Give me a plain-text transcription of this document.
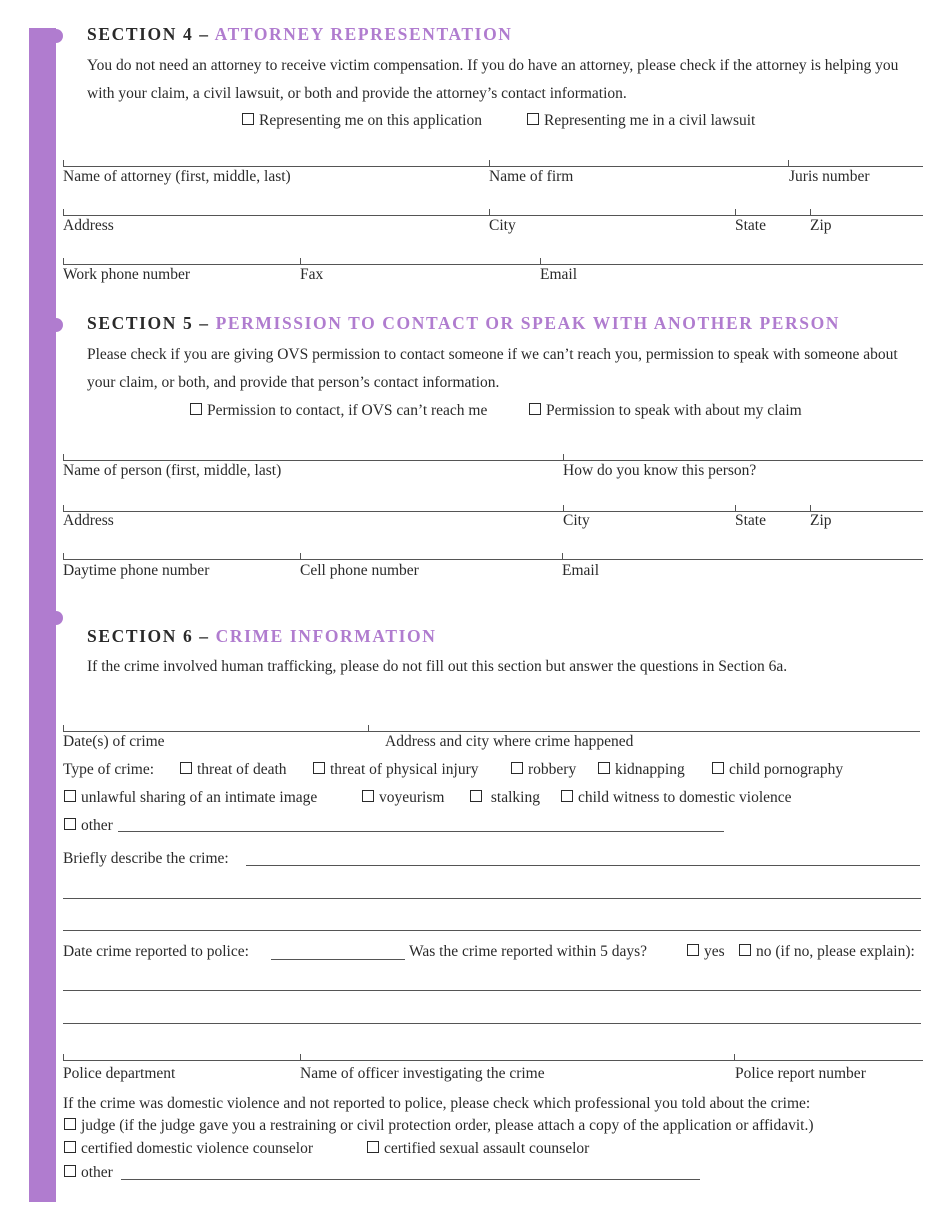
SECTION 4 – ATTORNEY REPRESENTATION
You do not need an attorney to receive victim compensation. If you do have an attorney, please check if the attorney is helping you with your claim, a civil lawsuit, or both and provide the attorney’s contact information.
Representing me on this application	Representing me in a civil lawsuit
Name of attorney (first, middle, last)	Name of firm	Juris number
Address	City	State	Zip
Work phone number	Fax	Email
SECTION 5 – PERMISSION TO CONTACT OR SPEAK WITH ANOTHER PERSON
Please check if you are giving OVS permission to contact someone if we can’t reach you, permission to speak with someone about your claim, or both, and provide that person’s contact information.
Permission to contact, if OVS can’t reach me	Permission to speak with about my claim
Name of person (first, middle, last)	How do you know this person?
Address	City	State	Zip
Daytime phone number	Cell phone number	Email
SECTION 6 – CRIME INFORMATION
If the crime involved human trafficking, please do not fill out this section but answer the questions in Section 6a.
Date(s) of crime	Address and city where crime happened
Type of crime:	threat of death	threat of physical injury	robbery	kidnapping	child pornography
unlawful sharing of an intimate image	voyeurism	stalking	child witness to domestic violence
other
Briefly describe the crime:
Date crime reported to police:	Was the crime reported within 5 days?	yes	no (if no, please explain):
Police department	Name of officer investigating the crime	Police report number
If the crime was domestic violence and not reported to police, please check which professional you told about the crime:
judge (if the judge gave you a restraining or civil protection order, please attach a copy of the application or affidavit.)
certified domestic violence counselor	certified sexual assault counselor
other
